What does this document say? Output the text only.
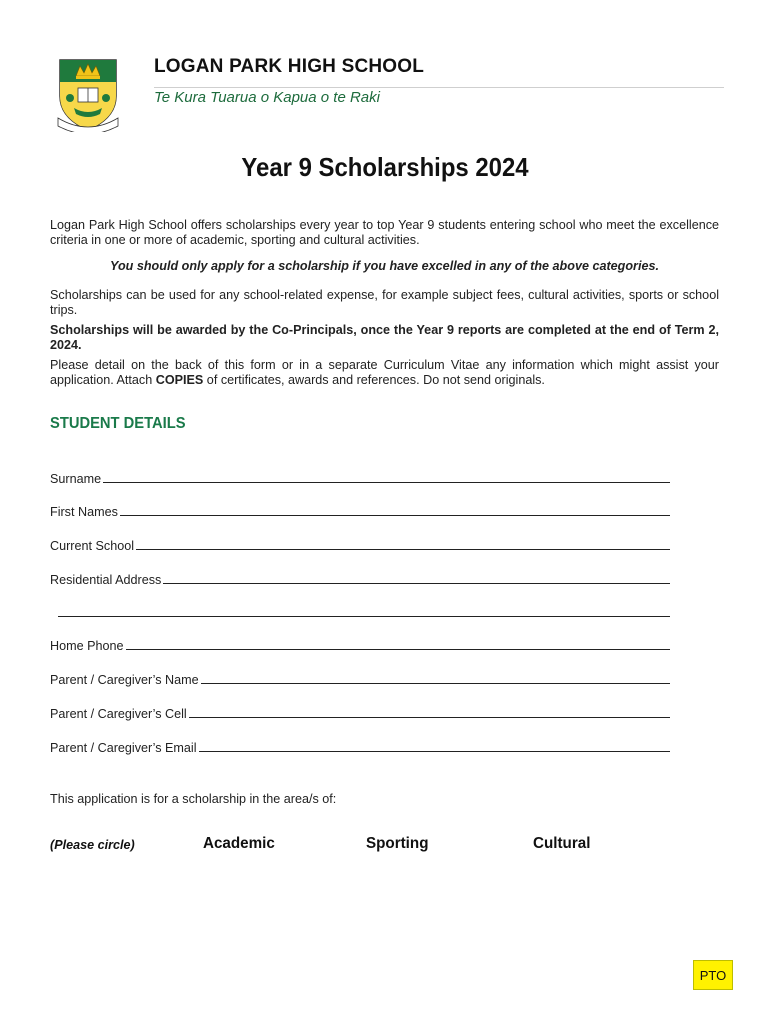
LOGAN PARK HIGH SCHOOL
Te Kura Tuarua o Kapua o te Raki
Year 9 Scholarships 2024
Logan Park High School offers scholarships every year to top Year 9 students entering school who meet the excellence criteria in one or more of academic, sporting and cultural activities.
You should only apply for a scholarship if you have excelled in any of the above categories.
Scholarships can be used for any school-related expense, for example subject fees, cultural activities, sports or school trips.
Scholarships will be awarded by the Co-Principals, once the Year 9 reports are completed at the end of Term 2, 2024.
Please detail on the back of this form or in a separate Curriculum Vitae any information which might assist your application. Attach COPIES of certificates, awards and references. Do not send originals.
STUDENT DETAILS
Surname
First Names
Current School
Residential Address
Home Phone
Parent / Caregiver’s Name
Parent / Caregiver’s Cell
Parent / Caregiver’s Email
This application is for a scholarship in the area/s of:
(Please circle)	Academic	Sporting	Cultural
PTO
